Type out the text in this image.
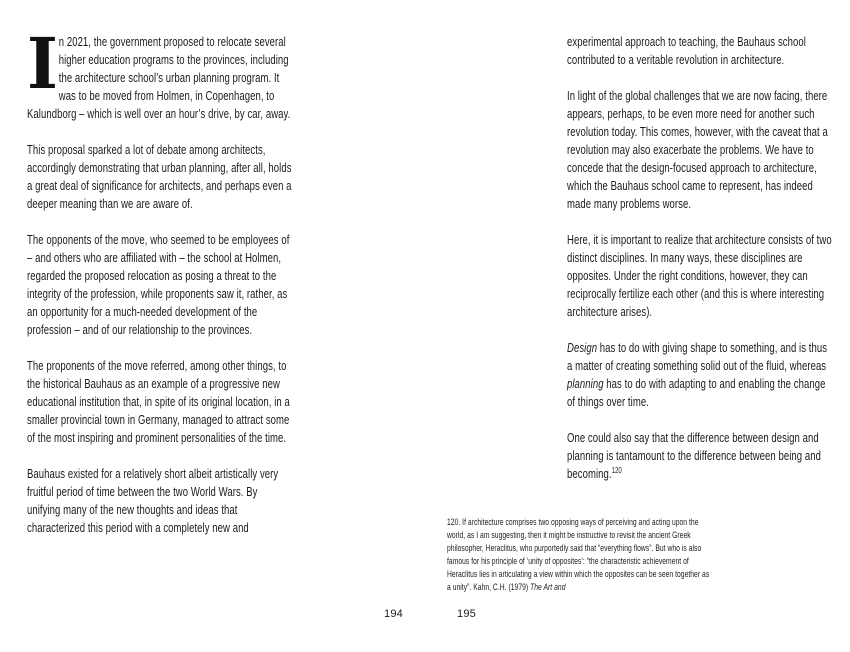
I n 2021, the government proposed to relocate several higher education programs to the provinces, including the architecture school’s urban planning program. It was to be moved from Holmen, in Copenhagen, to Kalundborg – which is well over an hour’s drive, by car, away.

This proposal sparked a lot of debate among architects, accordingly demonstrating that urban planning, after all, holds a great deal of significance for architects, and perhaps even a deeper meaning than we are aware of.

The opponents of the move, who seemed to be employees of – and others who are affiliated with – the school at Holmen, regarded the proposed relocation as posing a threat to the integrity of the profession, while proponents saw it, rather, as an opportunity for a much-needed development of the profession – and of our relationship to the provinces.

The proponents of the move referred, among other things, to the historical Bauhaus as an example of a progressive new educational institution that, in spite of its original location, in a smaller provincial town in Germany, managed to attract some of the most inspiring and prominent personalities of the time.

Bauhaus existed for a relatively short albeit artistically very fruitful period of time between the two World Wars. By unifying many of the new thoughts and ideas that characterized this period with a completely new and

experimental approach to teaching, the Bauhaus school contributed to a veritable revolution in architecture.

In light of the global challenges that we are now facing, there appears, perhaps, to be even more need for another such revolution today. This comes, however, with the caveat that a revolution may also exacerbate the problems. We have to concede that the design-focused approach to architecture, which the Bauhaus school came to represent, has indeed made many problems worse.

Here, it is important to realize that architecture consists of two distinct disciplines. In many ways, these disciplines are opposites. Under the right conditions, however, they can reciprocally fertilize each other (and this is where interesting architecture arises).

Design has to do with giving shape to something, and is thus a matter of creating something solid out of the fluid, whereas planning has to do with adapting to and enabling the change of things over time.

One could also say that the difference between design and planning is tantamount to the difference between being and becoming.$^{120}$

120. If architecture comprises two opposing ways of perceiving and acting upon the world, as I am suggesting, then it might be instructive to revisit the ancient Greek philosopher, Heraclitus, who purportedly said that “everything flows”. But who is also famous for his principle of ‘unity of opposites’: “the characteristic achievement of Heraclitus lies in articulating a view within which the opposites can be seen together as a unity”. Kahn, C.H. (1979) The Art and
194	195
